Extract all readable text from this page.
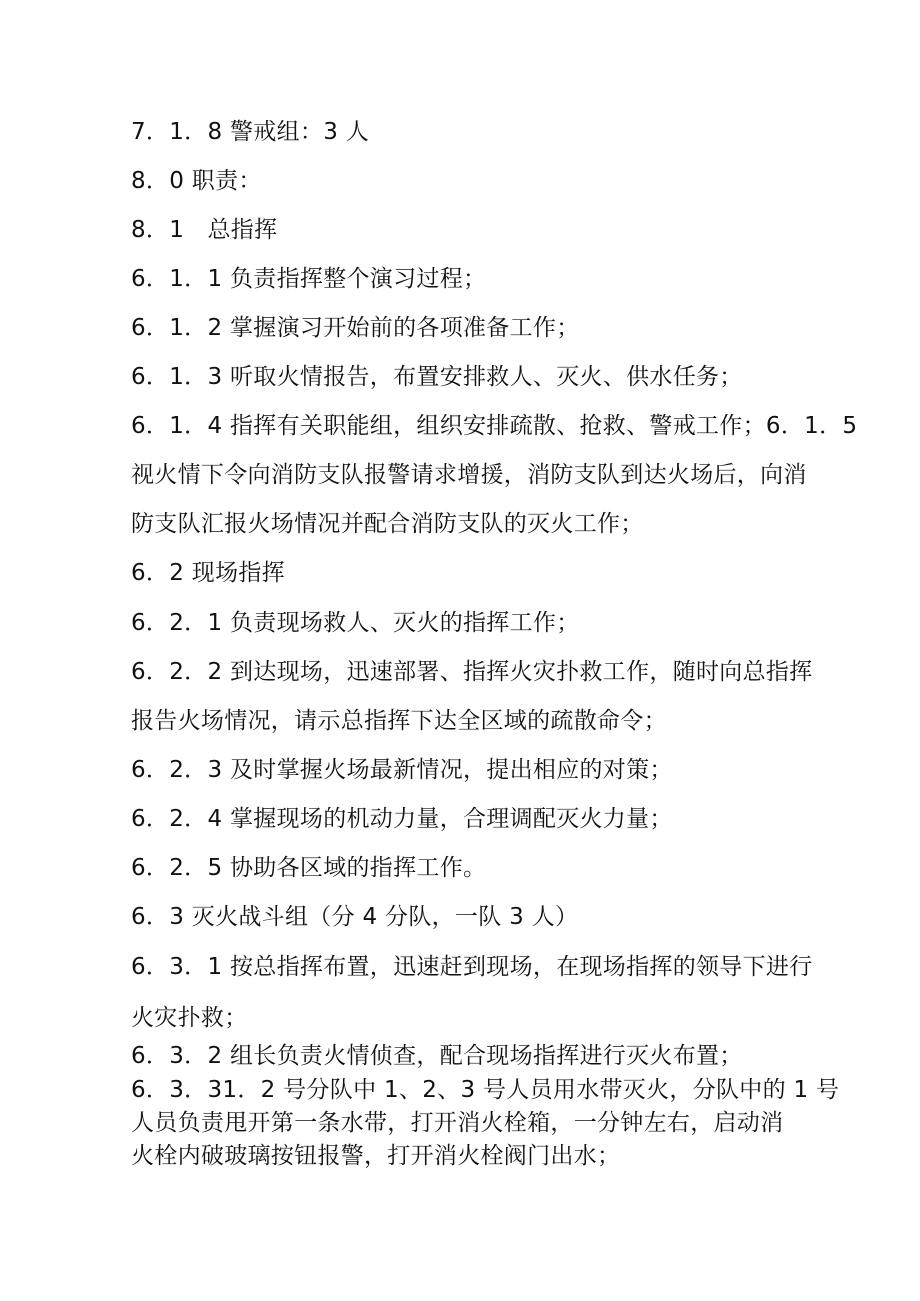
7．1．8 警戒组：3 人
8．0 职责：
8．1　总指挥
6．1．1 负责指挥整个演习过程；
6．1．2 掌握演习开始前的各项准备工作；
6．1．3 听取火情报告，布置安排救人、灭火、供水任务；
6．1．4 指挥有关职能组，组织安排疏散、抢救、警戒工作；6．1．5
视火情下令向消防支队报警请求增援，消防支队到达火场后，向消
防支队汇报火场情况并配合消防支队的灭火工作；
6．2 现场指挥
6．2．1 负责现场救人、灭火的指挥工作；
6．2．2 到达现场，迅速部署、指挥火灾扑救工作，随时向总指挥
报告火场情况，请示总指挥下达全区域的疏散命令；
6．2．3 及时掌握火场最新情况，提出相应的对策；
6．2．4 掌握现场的机动力量，合理调配灭火力量；
6．2．5 协助各区域的指挥工作。
6．3 灭火战斗组（分 4 分队，一队 3 人）
6．3．1 按总指挥布置，迅速赶到现场，在现场指挥的领导下进行
火灾扑救；
6．3．2 组长负责火情侦查，配合现场指挥进行灭火布置；
6．3．31．2 号分队中 1、2、3 号人员用水带灭火，分队中的 1 号
人员负责甩开第一条水带，打开消火栓箱，一分钟左右，启动消
火栓内破玻璃按钮报警，打开消火栓阀门出水；
